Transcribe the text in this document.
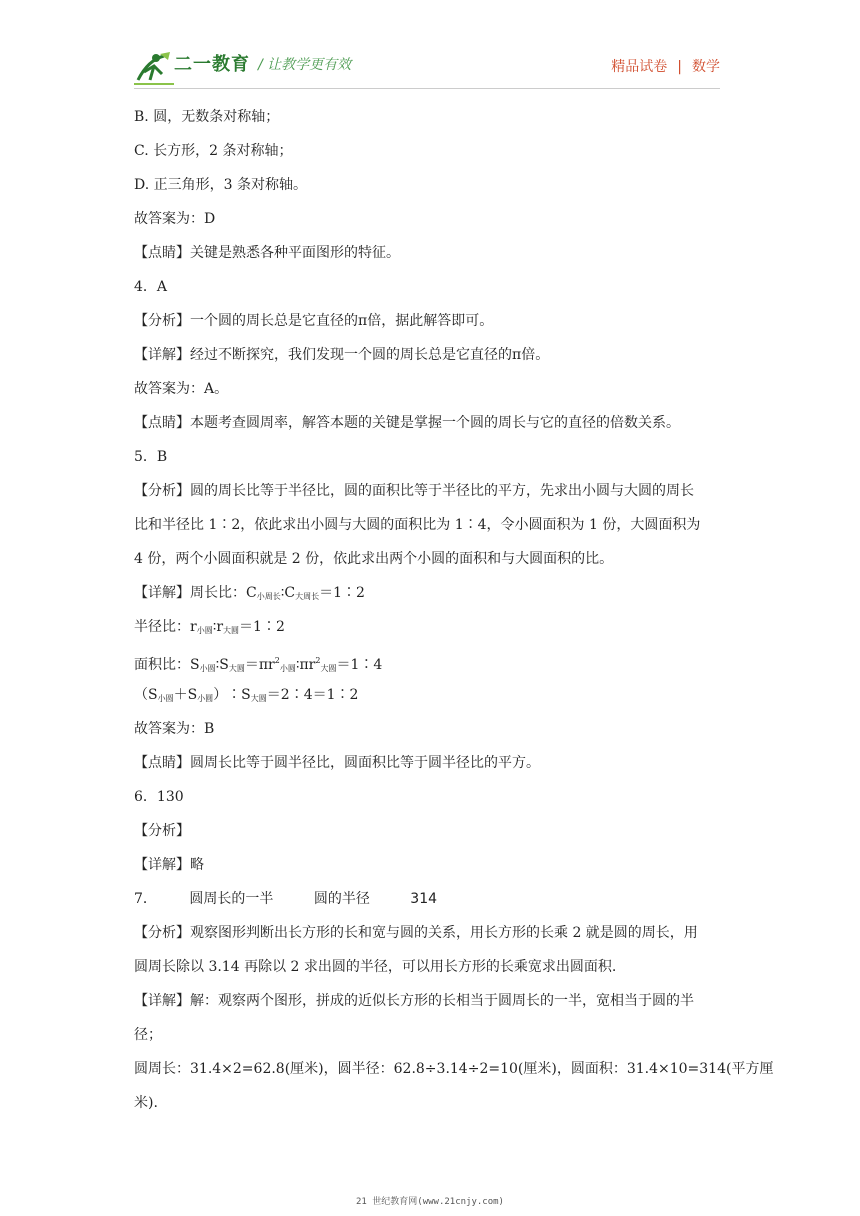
二一教育 / 让教学更有效	精品试卷 | 数学
B. 圆，无数条对称轴；
C. 长方形，2 条对称轴；
D. 正三角形，3 条对称轴。
故答案为：D
【点睛】关键是熟悉各种平面图形的特征。
4．A
【分析】一个圆的周长总是它直径的π倍，据此解答即可。
【详解】经过不断探究，我们发现一个圆的周长总是它直径的π倍。
故答案为：A。
【点睛】本题考查圆周率，解答本题的关键是掌握一个圆的周长与它的直径的倍数关系。
5．B
【分析】圆的周长比等于半径比，圆的面积比等于半径比的平方，先求出小圆与大圆的周长
比和半径比 1∶2，依此求出小圆与大圆的面积比为 1∶4，令小圆面积为 1 份，大圆面积为
4 份，两个小圆面积就是 2 份，依此求出两个小圆的面积和与大圆面积的比。
【详解】周长比：$C_{小周长}∶C_{大周长}=1∶2$
半径比：$r_{小圆}∶r_{大圆}=1∶2$
面积比：$S_{小圆}∶S_{大圆}=\pi r^2_{小圆}∶\pi r^2_{大圆}=1∶4$
$(S_{小圆}+S_{小圆})∶S_{大圆}=2∶4=1∶2$
故答案为：B
【点睛】圆周长比等于圆半径比，圆面积比等于圆半径比的平方。
6．130
【分析】
【详解】略
7． 圆周长的一半	圆的半径	314
【分析】观察图形判断出长方形的长和宽与圆的关系，用长方形的长乘 2 就是圆的周长，用
圆周长除以 3.14 再除以 2 求出圆的半径，可以用长方形的长乘宽求出圆面积.
【详解】解：观察两个图形，拼成的近似长方形的长相当于圆周长的一半，宽相当于圆的半
径；
圆周长：31.4×2=62.8(厘米)，圆半径：62.8÷3.14÷2=10(厘米)，圆面积：31.4×10=314(平方厘
米).
21 世纪教育网(www.21cnjy.com)
